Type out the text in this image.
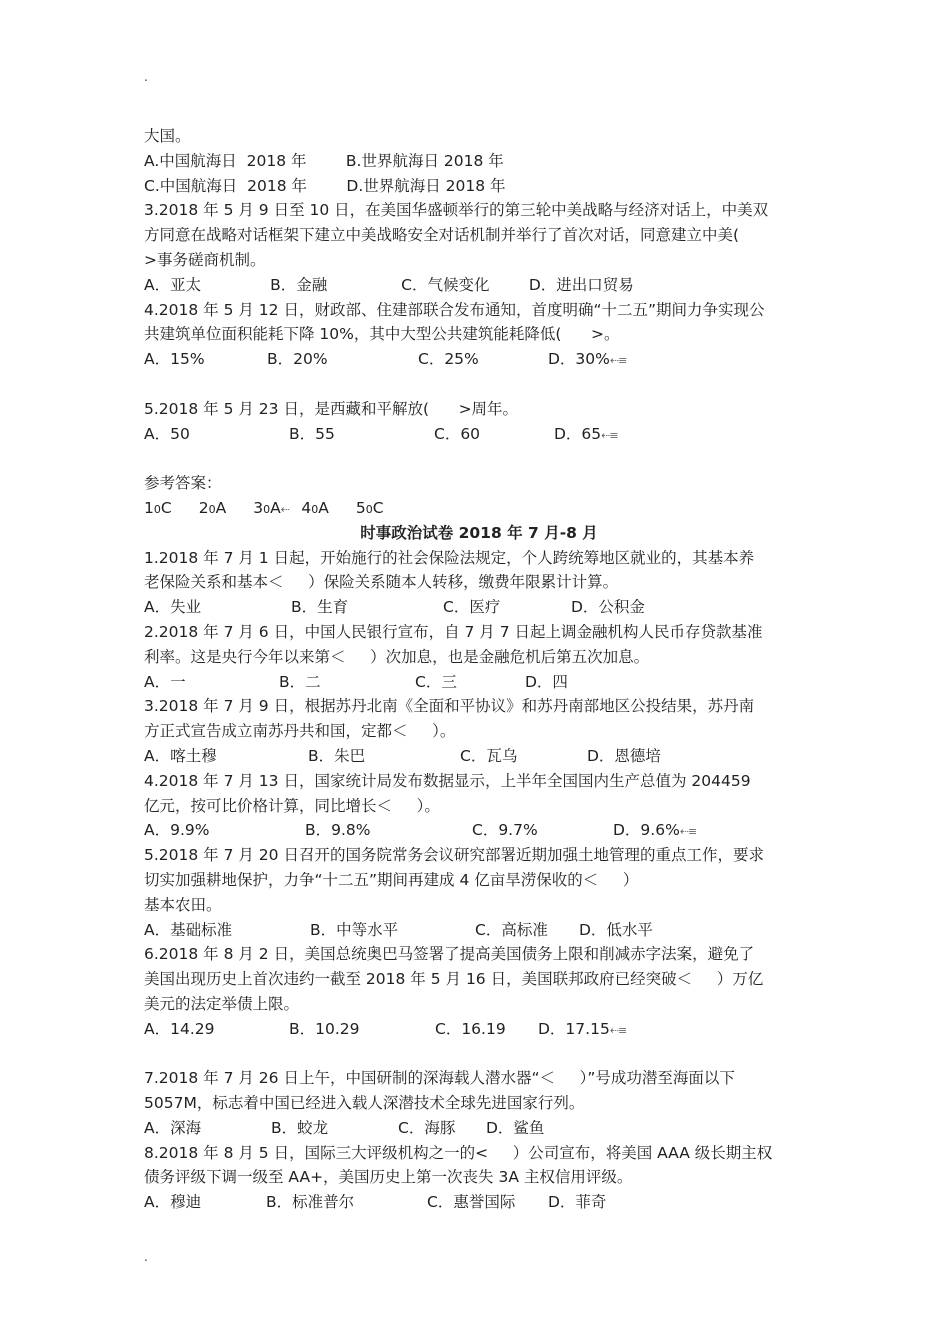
.
大国。
A.中国航海日  2018 年        B.世界航海日 2018 年
C.中国航海日  2018 年        D.世界航海日 2018 年
3.2018 年 5 月 9 日至 10 日，在美国华盛顿举行的第三轮中美战略与经济对话上，中美双
方同意在战略对话框架下建立中美战略安全对话机制并举行了首次对话，同意建立中美(
>事务磋商机制。
A．亚太              B．金融               C．气候变化        D．进出口贸易
4.2018 年 5 月 12 日，财政部、住建部联合发布通知，首度明确“十二五”期间力争实现公
共建筑单位面积能耗下降 10%，其中大型公共建筑能耗降低(      >。
A．15%	B．20%	C．25%	D．30%⇠≡
5.2018 年 5 月 23 日，是西藏和平解放(      >周年。
A．50	B．55	C．60	D．65⇠≡
参考答案：
10C 20A 30A⇠ 40A 50C
时事政治试卷 2018 年 7 月-8 月
1.2018 年 7 月 1 日起，开始施行的社会保险法规定，个人跨统筹地区就业的，其基本养
老保险关系和基本＜     ）保险关系随本人转移，缴费年限累计计算。
A．失业	B．生育	C．医疗	D．公积金
2.2018 年 7 月 6 日，中国人民银行宣布，自 7 月 7 日起上调金融机构人民币存贷款基准
利率。这是央行今年以来第＜     ）次加息，也是金融危机后第五次加息。
A．一	B．二	C．三	D．四
3.2018 年 7 月 9 日，根据苏丹北南《全面和平协议》和苏丹南部地区公投结果，苏丹南
方正式宣告成立南苏丹共和国，定都＜     ）。
A．喀土穆	B．朱巴	C．瓦乌	D．恩德培
4.2018 年 7 月 13 日，国家统计局发布数据显示，上半年全国国内生产总值为 204459
亿元，按可比价格计算，同比增长＜     ）。
A．9.9%	B．9.8%	C．9.7%	D．9.6%⇠≡
5.2018 年 7 月 20 日召开的国务院常务会议研究部署近期加强土地管理的重点工作，要求
切实加强耕地保护，力争“十二五”期间再建成 4 亿亩旱涝保收的＜     ）
基本农田。
A．基础标准	B．中等水平	C．高标准 D．低水平
6.2018 年 8 月 2 日，美国总统奥巴马签署了提高美国债务上限和削减赤字法案，避免了
美国出现历史上首次违约一截至 2018 年 5 月 16 日，美国联邦政府已经突破＜     ）万亿
美元的法定举债上限。
A．14.29	B．10.29	C．16.19 D．17.15⇠≡
7.2018 年 7 月 26 日上午，中国研制的深海载人潜水器“＜     ）”号成功潜至海面以下
5057M，标志着中国已经进入载人深潜技术全球先进国家行列。
A．深海	B．蛟龙	C．海豚 D．鲨鱼
8.2018 年 8 月 5 日，国际三大评级机构之一的<     ）公司宣布，将美国 AAA 级长期主权
债务评级下调一级至 AA+，美国历史上第一次丧失 3A 主权信用评级。
A．穆迪	B．标准普尔	C．惠誉国际 D．菲奇
.
